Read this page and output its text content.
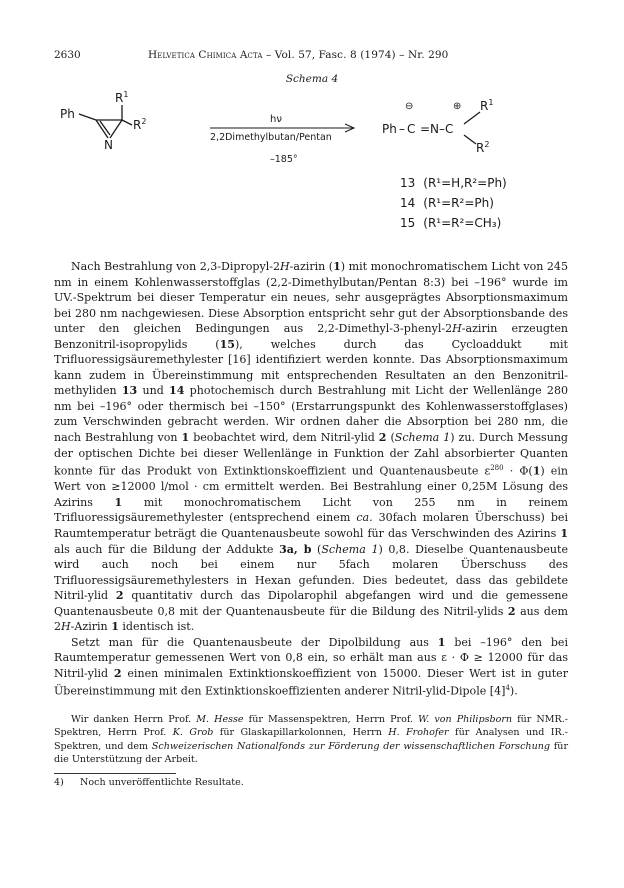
2630	Helvetica Chimica Acta – Vol. 57, Fasc. 8 (1974) – Nr. 290
Schema 4
Ph
$R^1$
$R^2$
N
hν
2,2Dimethylbutan/Pentan
–185°
⊖	⊕ $R^1$
Ph – C =N–C
$R^2$
13 (R¹=H,R²=Ph)
14 (R¹=R²=Ph)
15 (R¹=R²=CH₃)

Nach Bestrahlung von 2,3-Dipropyl-2H-azirin (1) mit monochromatischem Licht von 245 nm in einem Kohlenwasserstoffglas (2,2-Dimethylbutan/Pentan 8:3) bei –196° wurde im UV.-Spektrum bei dieser Temperatur ein neues, sehr ausgeprägtes Absorptionsmaximum bei 280 nm nachgewiesen. Diese Absorption entspricht sehr gut der Absorptionsbande des unter den gleichen Bedingungen aus 2,2-Dimethyl-3-phenyl-2H-azirin erzeugten Benzonitril-isopropylids (15), welches durch das Cycloaddukt mit Trifluoressigsäuremethylester [16] identifiziert werden konnte. Das Absorptionsmaximum kann zudem in Übereinstimmung mit entsprechenden Resultaten an den Benzonitril-methyliden 13 und 14 photochemisch durch Bestrahlung mit Licht der Wellenlänge 280 nm bei –196° oder thermisch bei –150° (Erstarrungspunkt des Kohlenwasserstoffglases) zum Verschwinden gebracht werden. Wir ordnen daher die Absorption bei 280 nm, die nach Bestrahlung von 1 beobachtet wird, dem Nitril-ylid 2 (Schema 1) zu. Durch Messung der optischen Dichte bei dieser Wellenlänge in Funktion der Zahl absorbierter Quanten konnte für das Produkt von Extinktionskoeffizient und Quantenausbeute $\varepsilon^{280} \cdot \Phi(1)$ ein Wert von ≥12000 l/mol · cm ermittelt werden. Bei Bestrahlung einer 0,25M Lösung des Azirins 1 mit monochromatischem Licht von 255 nm in reinem Trifluoressigsäuremethylester (entsprechend einem ca. 30fach molaren Überschuss) bei Raumtemperatur beträgt die Quantenausbeute sowohl für das Verschwinden des Azirins 1 als auch für die Bildung der Addukte 3a, b (Schema 1) 0,8. Dieselbe Quantenausbeute wird auch noch bei einem nur 5fach molaren Überschuss des Trifluoressigsäuremethylesters in Hexan gefunden. Dies bedeutet, dass das gebildete Nitril-ylid 2 quantitativ durch das Dipolarophil abgefangen wird und die gemessene Quantenausbeute 0,8 mit der Quantenausbeute für die Bildung des Nitril-ylids 2 aus dem 2H-Azirin 1 identisch ist.

Setzt man für die Quantenausbeute der Dipolbildung aus 1 bei –196° den bei Raumtemperatur gemessenen Wert von 0,8 ein, so erhält man aus ε · Φ ≥ 12000 für das Nitril-ylid 2 einen minimalen Extinktionskoeffizient von 15000. Dieser Wert ist in guter Übereinstimmung mit den Extinktionskoeffizienten anderer Nitril-ylid-Dipole $[4]^4$).

Wir danken Herrn Prof. M. Hesse für Massenspektren, Herrn Prof. W. von Philipsborn für NMR.-Spektren, Herrn Prof. K. Grob für Glaskapillarkolonnen, Herrn H. Frohofer für Analysen und IR.-Spektren, und dem Schweizerischen Nationalfonds zur Förderung der wissenschaftlichen Forschung für die Unterstützung der Arbeit.

4) Noch unveröffentlichte Resultate.
